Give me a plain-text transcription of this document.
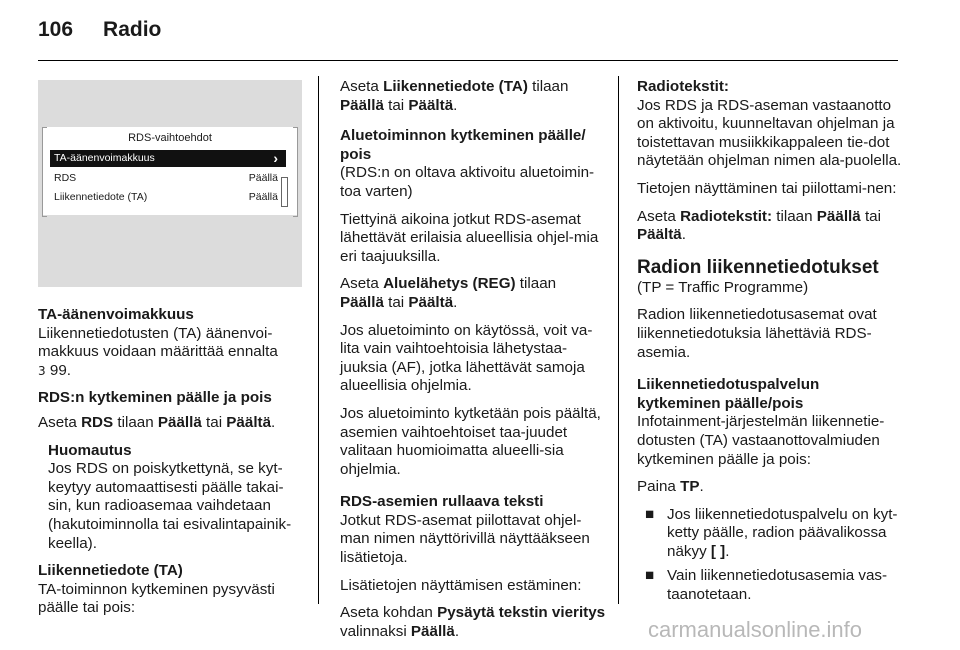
106 Radio
RDS-vaihtoehdot
TA-äänenvoimakkuus	›
RDS	Päällä
Liikennetiedote (TA)	Päällä
TA-äänenvoimakkuus

Liikennetiedotusten (TA) äänenvoi-makkuus voidaan määrittää ennalta
3 99.

RDS:n kytkeminen päälle ja pois

Aseta RDS tilaan Päällä tai Päältä.

Huomautus

Jos RDS on poiskytkettynä, se kyt-keytyy automaattisesti päälle takai-sin, kun radioasemaa vaihdetaan (hakutoiminnolla tai esivalintapainik-keella).

Liikennetiedote (TA)

TA-toiminnon kytkeminen pysyvästi päälle tai pois:

Aseta Liikennetiedote (TA) tilaan
Päällä tai Päältä.

Aluetoiminnon kytkeminen päälle/ pois

(RDS:n on oltava aktivoitu aluetoimin-toa varten)

Tiettyinä aikoina jotkut RDS-asemat lähettävät erilaisia alueellisia ohjel-mia eri taajuuksilla.

Aseta Aluelähetys (REG) tilaan
Päällä tai Päältä.

Jos aluetoiminto on käytössä, voit va-lita vain vaihtoehtoisia lähetystaa-juuksia (AF), jotka lähettävät samoja alueellisia ohjelmia.

Jos aluetoiminto kytketään pois päältä, asemien vaihtoehtoiset taa-juudet valitaan huomioimatta alueelli-sia ohjelmia.

RDS-asemien rullaava teksti

Jotkut RDS-asemat piilottavat ohjel-man nimen näyttörivillä näyttääkseen lisätietoja.

Lisätietojen näyttämisen estäminen:

Aseta kohdan Pysäytä tekstin vieritys valinnaksi Päällä.

Radiotekstit:

Jos RDS ja RDS-aseman vastaanotto on aktivoitu, kuunneltavan ohjelman ja toistettavan musiikkikappaleen tie-dot näytetään ohjelman nimen ala-puolella.

Tietojen näyttäminen tai piilottami-nen:

Aseta Radiotekstit: tilaan Päällä tai
Päältä.

Radion liikennetiedotukset

(TP = Traffic Programme)

Radion liikennetiedotusasemat ovat liikennetiedotuksia lähettäviä RDS-asemia.

Liikennetiedotuspalvelun kytkeminen päälle/pois

Infotainment-järjestelmän liikennetie-dotusten (TA) vastaanottovalmiuden kytkeminen päälle ja pois:

Paina TP.

■ Jos liikennetiedotuspalvelu on kyt-ketty päälle, radion päävalikossa näkyy [ ].
■ Vain liikennetiedotusasemia vas-taanotetaan.
carmanualsonline.info
